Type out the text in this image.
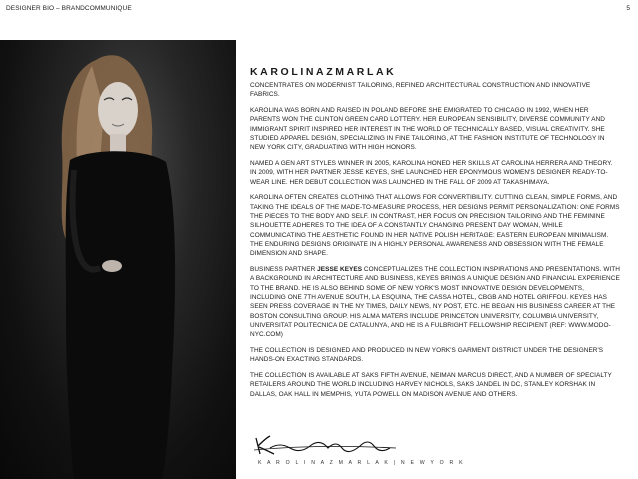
DESIGNER BIO – BRANDCOMMUNIQUE	5
KAROLINAZMARLAK
CONCENTRATES ON MODERNIST TAILORING, REFINED ARCHITECTURAL CONSTRUCTION AND INNOVATIVE FABRICS.
KAROLINA WAS BORN AND RAISED IN POLAND BEFORE SHE EMIGRATED TO CHICAGO IN 1992, WHEN HER PARENTS WON THE CLINTON GREEN CARD LOTTERY. HER EUROPEAN SENSIBILITY, DIVERSE COMMUNITY AND IMMIGRANT SPIRIT INSPIRED HER INTEREST IN THE WORLD OF TECHNICALLY BASED, VISUAL CREATIVITY. SHE STUDIED APPAREL DESIGN, SPECIALIZING IN FINE TAILORING, AT THE FASHION INSTITUTE OF TECHNOLOGY IN NEW YORK CITY, GRADUATING WITH HIGH HONORS.
NAMED A GEN ART STYLES WINNER IN 2005, KAROLINA HONED HER SKILLS AT CAROLINA HERRERA AND THEORY. IN 2009, WITH HER PARTNER JESSE KEYES, SHE LAUNCHED HER EPONYMOUS WOMEN'S DESIGNER READY-TO-WEAR LINE. HER DEBUT COLLECTION WAS LAUNCHED IN THE FALL OF 2009 AT TAKASHIMAYA.
KAROLINA OFTEN CREATES CLOTHING THAT ALLOWS FOR CONVERTIBILITY. CUTTING CLEAN, SIMPLE FORMS, AND TAKING THE IDEALS OF THE MADE-TO-MEASURE PROCESS, HER DESIGNS PERMIT PERSONALIZATION: ONE FORMS THE PIECES TO THE BODY AND SELF. IN CONTRAST, HER FOCUS ON PRECISION TAILORING AND THE FEMININE SILHOUETTE ADHERES TO THE IDEA OF A CONSTANTLY CHANGING PRESENT DAY WOMAN, WHILE COMMUNICATING THE AESTHETIC FOUND IN HER NATIVE POLISH HERITAGE: EASTERN EUROPEAN MINIMALISM. THE ENDURING DESIGNS ORIGINATE IN A HIGHLY PERSONAL AWARENESS AND OBSESSION WITH THE FEMALE DIMENSION AND SHAPE.
BUSINESS PARTNER JESSE KEYES CONCEPTUALIZES THE COLLECTION INSPIRATIONS AND PRESENTATIONS. WITH A BACKGROUND IN ARCHITECTURE AND BUSINESS, KEYES BRINGS A UNIQUE DESIGN AND FINANCIAL EXPERIENCE TO THE BRAND. HE IS ALSO BEHIND SOME OF NEW YORK'S MOST INNOVATIVE DESIGN DEVELOPMENTS, INCLUDING ONE 7TH AVENUE SOUTH, LA ESQUINA, THE CASSA HOTEL, CBGB AND HOTEL GRIFFOU. KEYES HAS SEEN PRESS COVERAGE IN THE NY TIMES, DAILY NEWS, NY POST, ETC. HE BEGAN HIS BUSINESS CAREER AT THE BOSTON CONSULTING GROUP. HIS ALMA MATERS INCLUDE PRINCETON UNIVERSITY, COLUMBIA UNIVERSITY, UNIVERSITAT POLITECNICA DE CATALUNYA, AND HE IS A FULBRIGHT FELLOWSHIP RECIPIENT (REF: WWW.MODO-NYC.COM)
THE COLLECTION IS DESIGNED AND PRODUCED IN NEW YORK'S GARMENT DISTRICT UNDER THE DESIGNER'S HANDS-ON EXACTING STANDARDS.
THE COLLECTION IS AVAILABLE AT SAKS FIFTH AVENUE, NEIMAN MARCUS DIRECT, AND A NUMBER OF SPECIALTY RETAILERS AROUND THE WORLD INCLUDING HARVEY NICHOLS, SAKS JANDEL IN DC, STANLEY KORSHAK IN DALLAS, OAK HALL IN MEMPHIS, YUTA POWELL ON MADISON AVENUE AND OTHERS.
K A R O L I N A Z M A R L A K | N E W Y O R K
